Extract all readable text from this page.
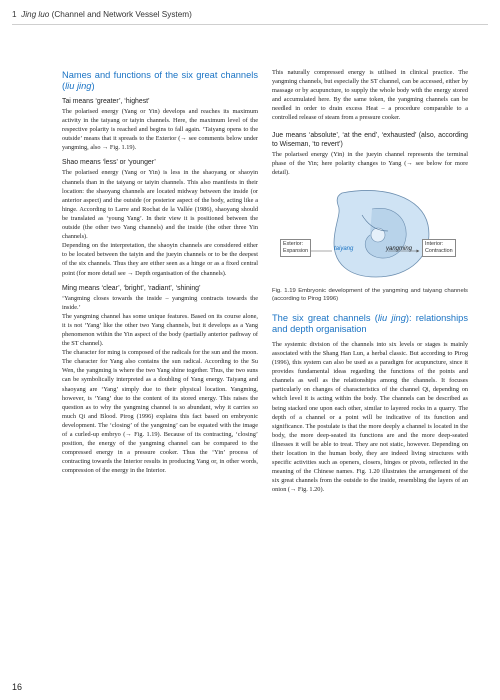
1 Jing luo (Channel and Network Vessel System)
Names and functions of the six great channels (liu jing)
Tai means ‘greater’, ‘highest’

The polarised energy (Yang or Yin) develops and reaches its maximum activity in the taiyang or taiyin channels. Here, the maximum level of the respective polarity is reached and begins to fall again. ‘Taiyang opens to the outside’ means that it spreads to the Exterior (→ see comments below under yangming, also → Fig. 1.19).

Shao means ‘less’ or ‘younger’

The polarised energy (Yang or Yin) is less in the shaoyang or shaoyin channels than in the taiyang or taiyin channels. This also manifests in their location: the shaoyang channels are located midway between the inside (or anterior aspect) and the outside (or posterior aspect of the body, acting like a hinge. According to Larre and Rochat de la Vallée (1986), shaoyang should be translated as ‘young Yang’. In their view it is positioned between the outside (the other two Yang channels) and the inside (the other three Yin channels).

Depending on the interpretation, the shaoyin channels are considered either to be located between the taiyin and the jueyin channels or to be the deepest of the six channels. Thus they are either seen as a hinge or as a fixed central point (for more detail see → Depth organisation of the channels).

Ming means ‘clear’, ‘bright’, ‘radiant’, ‘shining’

‘Yangming closes towards the inside – yangming contracts towards the inside.’

The yangming channel has some unique features. Based on its course alone, it is not ‘Yang’ like the other two Yang channels, but it develops as a Yang phenomenon within the Yin aspect of the body (partially anterior pathway of the ST channel).

The character for ming is composed of the radicals for the sun and the moon. The character for Yang also contains the sun radical. According to the Su Wen, the yangming is where the two Yang shine together. Thus, the two suns can be symbolically interpreted as a doubling of Yang energy. Taiyang and shaoyang are ‘Yang’ simply due to their physical location. Yangming, however, is ‘Yang’ due to the content of its stored energy. This raises the question as to why the yangming channel is so abundant, why it carries so much Qi and Blood. Pirog (1996) explains this fact based on embryonic development. The ‘closing’ of the yangming’ can be equated with the image of a curled-up embryo (→ Fig. 1.19). Because of its contracting, ‘closing’ position, the energy of the yangming channel can be compared to the compressed energy in a pressure cooker. Thus the ‘Yin’ process of contracting towards the Interior results in producing Yang or, in other words, compression of the energy in the Interior.

This naturally compressed energy is utilised in clinical practice. The yangming channels, but especially the ST channel, can be accessed, either by massage or by acupuncture, to supply the whole body with the energy stored and accumulated here. By the same token, the yangming channels can be needled in order to drain excess Heat – a procedure comparable to a controlled release of steam from a pressure cooker.

Jue means ‘absolute’, ‘at the end’, ‘exhausted’ (also, according to Wiseman, ‘to revert’)

The polarised energy (Yin) in the jueyin channel represents the terminal phase of the Yin; here polarity changes to Yang (→ see below for more detail).

Exterior:
Expansion	taiyang	yangming
Interior:
Contraction
Fig. 1.19 Embryonic development of the yangming and taiyang channels (according to Pirog 1996)
The six great channels (liu jing): relationships and depth organisation

The systemic division of the channels into six levels or stages is mainly associated with the Shang Han Lun, a herbal classic. But according to Pirog (1996), this system can also be used as a paradigm for acupuncture, since it provides fundamental ideas regarding the functions of the points and channels as well as the relationships among the channels. It focuses particularly on changes of characteristics of the channel Qi, depending on which level it is acting within the body. The channels can be described as being stacked one upon each other, similar to layered rocks in a quarry. The depth of a channel or a point will be indicative of its function and significance. The postulate is that the more deeply a channel is located in the body, the more deep-seated its functions are and the more deep-seated illnesses it will be able to treat. They are not static, however. Depending on their location in the human body, they are indeed living structures with specific activities such as openers, closers, hinges or pivots, reflected in the meaning of the Chinese names. Fig. 1.20 illustrates the arrangement of the six great channels from the outside to the inside, resembling the layers of an onion (→ Fig. 1.20).

16
